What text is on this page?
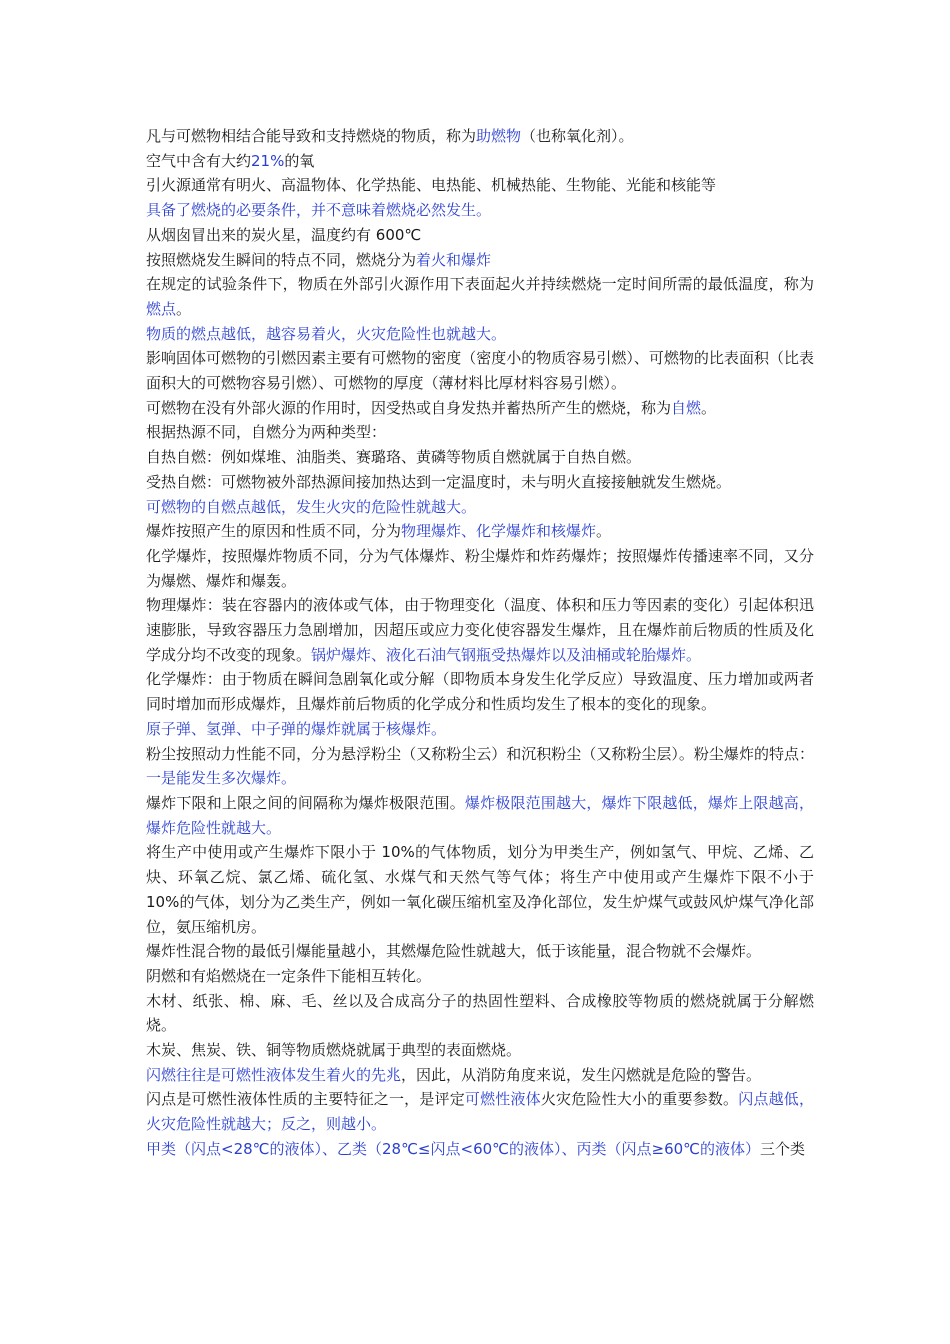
凡与可燃物相结合能导致和支持燃烧的物质，称为助燃物（也称氧化剂）。

空气中含有大约21%的氧

引火源通常有明火、高温物体、化学热能、电热能、机械热能、生物能、光能和核能等

具备了燃烧的必要条件，并不意味着燃烧必然发生。

从烟囱冒出来的炭火星，温度约有 600℃

按照燃烧发生瞬间的特点不同，燃烧分为着火和爆炸

在规定的试验条件下，物质在外部引火源作用下表面起火并持续燃烧一定时间所需的最低温度，称为燃点。

物质的燃点越低，越容易着火，火灾危险性也就越大。

影响固体可燃物的引燃因素主要有可燃物的密度（密度小的物质容易引燃）、可燃物的比表面积（比表面积大的可燃物容易引燃）、可燃物的厚度（薄材料比厚材料容易引燃）。

可燃物在没有外部火源的作用时，因受热或自身发热并蓄热所产生的燃烧，称为自燃。

根据热源不同，自燃分为两种类型：

自热自燃：例如煤堆、油脂类、赛璐珞、黄磷等物质自燃就属于自热自燃。

受热自燃：可燃物被外部热源间接加热达到一定温度时，未与明火直接接触就发生燃烧。

可燃物的自燃点越低，发生火灾的危险性就越大。

爆炸按照产生的原因和性质不同，分为物理爆炸、化学爆炸和核爆炸。

化学爆炸，按照爆炸物质不同，分为气体爆炸、粉尘爆炸和炸药爆炸；按照爆炸传播速率不同，又分为爆燃、爆炸和爆轰。

物理爆炸：装在容器内的液体或气体，由于物理变化（温度、体积和压力等因素的变化）引起体积迅速膨胀，导致容器压力急剧增加，因超压或应力变化使容器发生爆炸，且在爆炸前后物质的性质及化学成分均不改变的现象。锅炉爆炸、液化石油气钢瓶受热爆炸以及油桶或轮胎爆炸。

化学爆炸：由于物质在瞬间急剧氧化或分解（即物质本身发生化学反应）导致温度、压力增加或两者同时增加而形成爆炸，且爆炸前后物质的化学成分和性质均发生了根本的变化的现象。

原子弹、氢弹、中子弹的爆炸就属于核爆炸。

粉尘按照动力性能不同，分为悬浮粉尘（又称粉尘云）和沉积粉尘（又称粉尘层）。粉尘爆炸的特点：一是能发生多次爆炸。

爆炸下限和上限之间的间隔称为爆炸极限范围。爆炸极限范围越大，爆炸下限越低，爆炸上限越高，爆炸危险性就越大。

将生产中使用或产生爆炸下限小于 10%的气体物质，划分为甲类生产，例如氢气、甲烷、乙烯、乙炔、环氧乙烷、氯乙烯、硫化氢、水煤气和天然气等气体；将生产中使用或产生爆炸下限不小于 10%的气体，划分为乙类生产，例如一氧化碳压缩机室及净化部位，发生炉煤气或鼓风炉煤气净化部位，氨压缩机房。

爆炸性混合物的最低引爆能量越小，其燃爆危险性就越大，低于该能量，混合物就不会爆炸。

阴燃和有焰燃烧在一定条件下能相互转化。

木材、纸张、棉、麻、毛、丝以及合成高分子的热固性塑料、合成橡胶等物质的燃烧就属于分解燃烧。

木炭、焦炭、铁、铜等物质燃烧就属于典型的表面燃烧。

闪燃往往是可燃性液体发生着火的先兆，因此，从消防角度来说，发生闪燃就是危险的警告。

闪点是可燃性液体性质的主要特征之一，是评定可燃性液体火灾危险性大小的重要参数。闪点越低，火灾危险性就越大；反之，则越小。

甲类（闪点<28℃的液体）、乙类（28℃≤闪点<60℃的液体）、丙类（闪点≥60℃的液体）三个类
